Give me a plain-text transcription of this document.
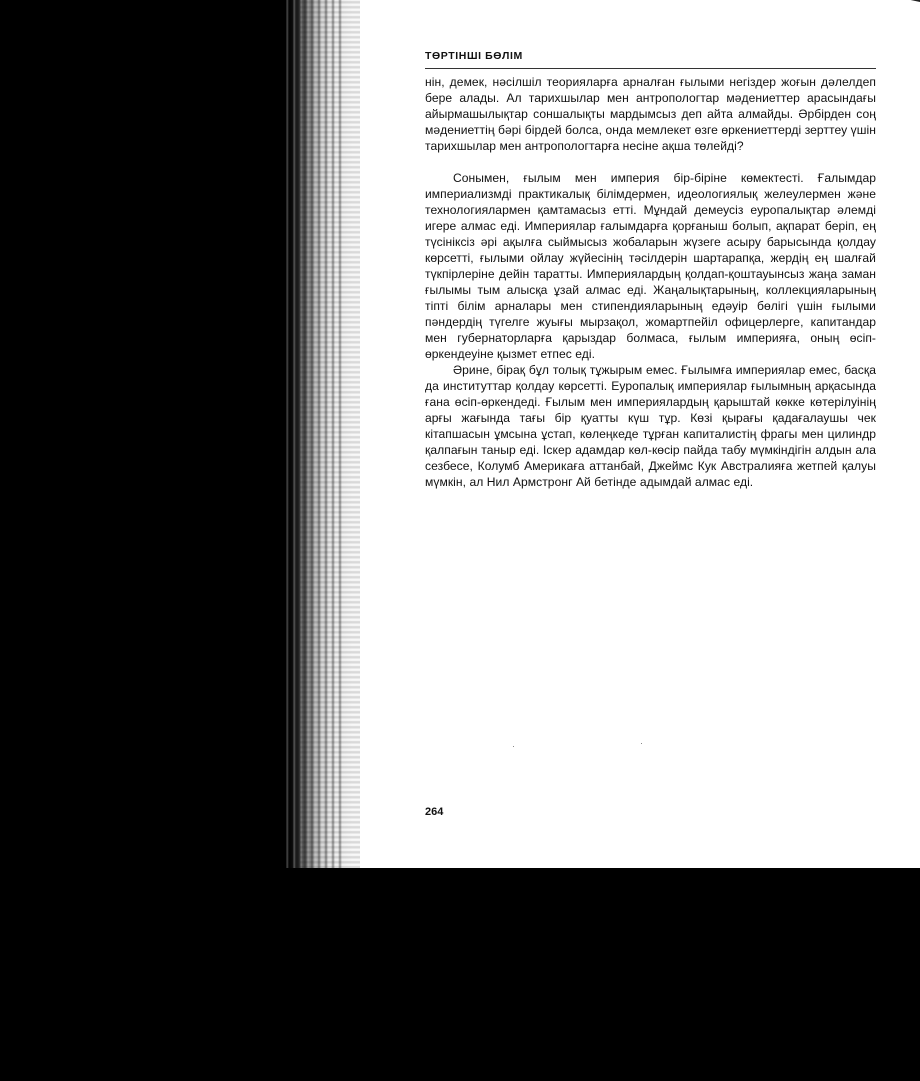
ТӨРТІНШІ БӨЛІМ

нін, демек, нәсілшіл теорияларға арналған ғылыми негіздер жоғын дәлелдеп бере алады. Ал тарихшылар мен антропологтар мәдениеттер арасындағы айырмашылықтар соншалықты мардымсыз деп айта алмайды. Әрбірден соң мәдениеттің бәрі бірдей болса, онда мемлекет өзге өркениеттерді зерттеу үшін тарихшылар мен антропологтарға несіне ақша төлейді?

Сонымен, ғылым мен империя бір-біріне көмектесті. Ғалымдар империализмді практикалық білімдермен, идеологиялық желеулермен және технологиялармен қамтамасыз етті. Мұндай демеусіз еуропалықтар әлемді игере алмас еді. Империялар ғалымдарға қорғаныш болып, ақпарат беріп, ең түсініксіз әрі ақылға сыймысыз жобаларын жүзеге асыру барысында қолдау көрсетті, ғылыми ойлау жүйесінің тәсілдерін шартарапқа, жердің ең шалғай түкпірлеріне дейін таратты. Империялардың қолдап-қоштауынсыз жаңа заман ғылымы тым алысқа ұзай алмас еді. Жаңалықтарының, коллекцияларының тіпті білім арналары мен стипендияларының едәуір бөлігі үшін ғылыми пәндердің түгелге жуығы мырзақол, жомартпейіл офицерлерге, капитандар мен губернаторларға қарыздар болмаса, ғылым империяға, оның өсіп-өркендеуіне қызмет етпес еді.

Әрине, бірақ бұл толық тұжырым емес. Ғылымға империялар емес, басқа да институттар қолдау көрсетті. Еуропалық империялар ғылымның арқасында ғана өсіп-өркендеді. Ғылым мен империялардың қарыштай көкке көтерілуінің арғы жағында тағы бір қуатты күш тұр. Көзі қырағы қадағалаушы чек кітапшасын ұмсына ұстап, көлеңкеде тұрған капиталистің фрагы мен цилиндр қалпағын таныр еді. Іскер адамдар көл-көсір пайда табу мүмкіндігін алдын ала сезбесе, Колумб Америкаға аттанбай, Джеймс Кук Австралияға жетпей қалуы мүмкін, ал Нил Армстронг Ай бетінде адымдай алмас еді.

264
